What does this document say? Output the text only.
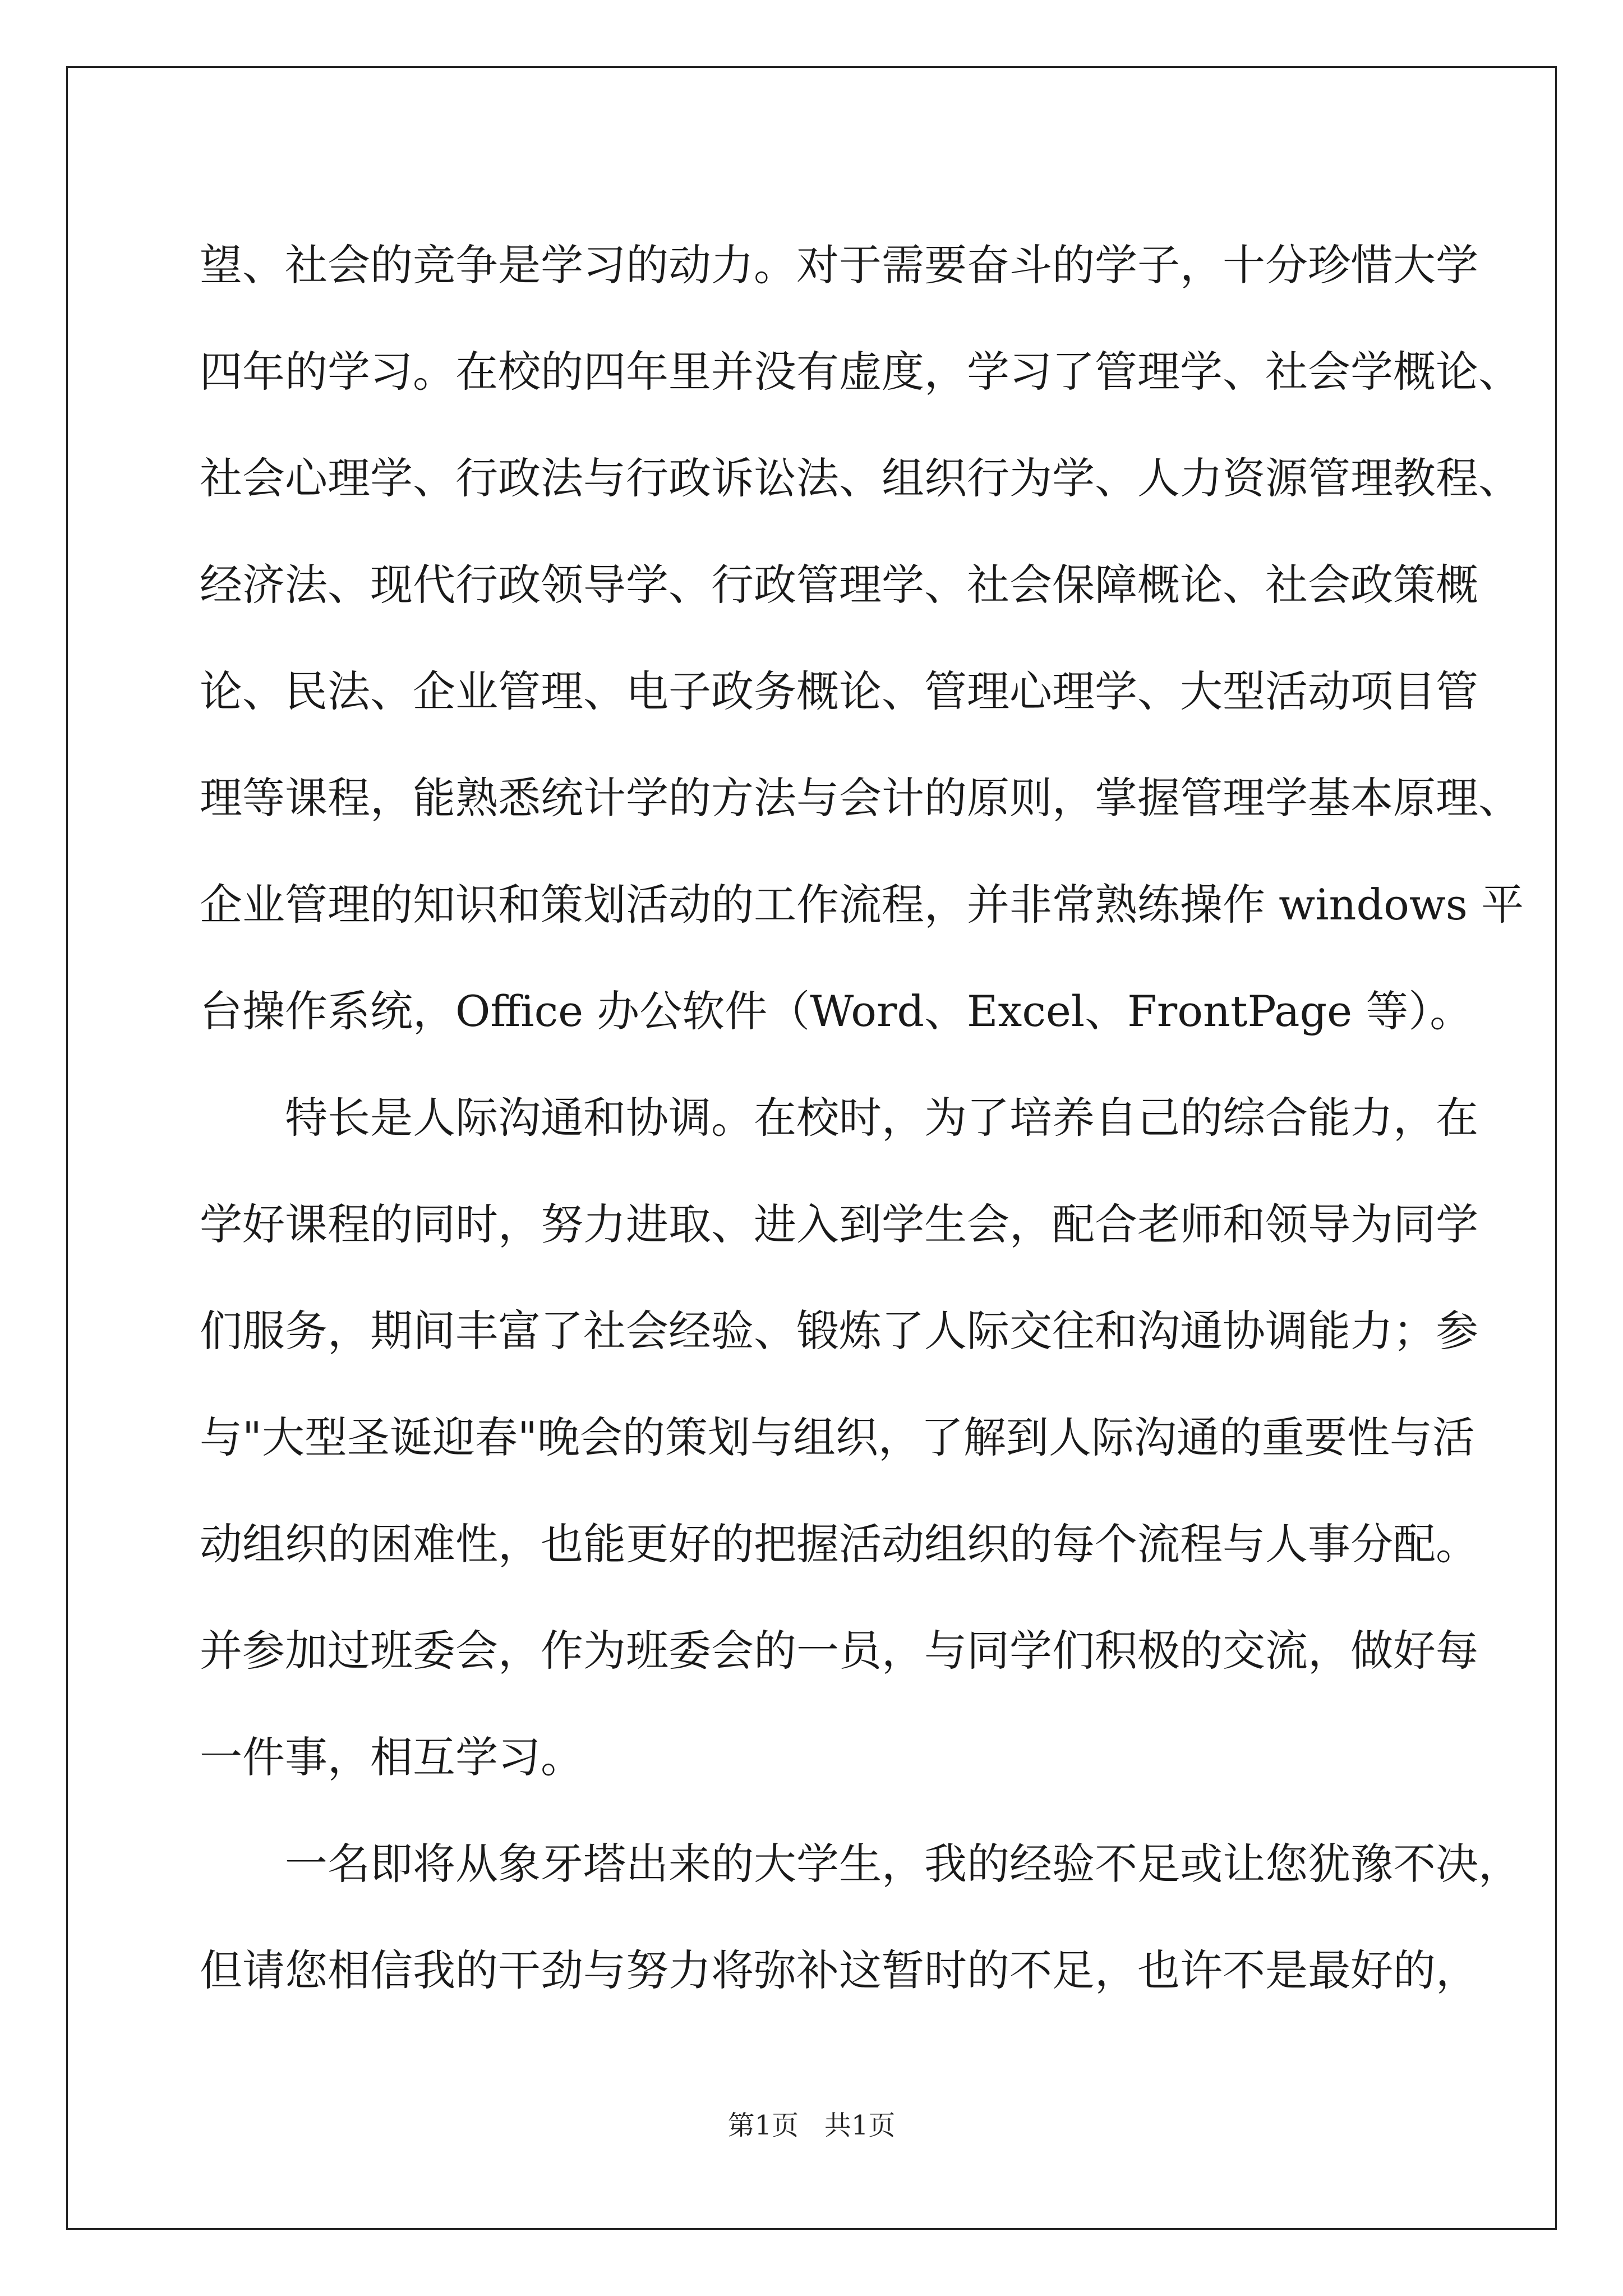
望、社会的竞争是学习的动力。对于需要奋斗的学子，十分珍惜大学

四年的学习。在校的四年里并没有虚度，学习了管理学、社会学概论、

社会心理学、行政法与行政诉讼法、组织行为学、人力资源管理教程、

经济法、现代行政领导学、行政管理学、社会保障概论、社会政策概

论、民法、企业管理、电子政务概论、管理心理学、大型活动项目管

理等课程，能熟悉统计学的方法与会计的原则，掌握管理学基本原理、

企业管理的知识和策划活动的工作流程，并非常熟练操作 windows 平

台操作系统，Office 办公软件（Word、Excel、FrontPage 等）。

特长是人际沟通和协调。在校时，为了培养自己的综合能力，在

学好课程的同时，努力进取、进入到学生会，配合老师和领导为同学

们服务，期间丰富了社会经验、锻炼了人际交往和沟通协调能力；参

与"大型圣诞迎春"晚会的策划与组织，了解到人际沟通的重要性与活

动组织的困难性，也能更好的把握活动组织的每个流程与人事分配。

并参加过班委会，作为班委会的一员，与同学们积极的交流，做好每

一件事，相互学习。

一名即将从象牙塔出来的大学生，我的经验不足或让您犹豫不决，

但请您相信我的干劲与努力将弥补这暂时的不足，也许不是最好的，

第1页 共1页
